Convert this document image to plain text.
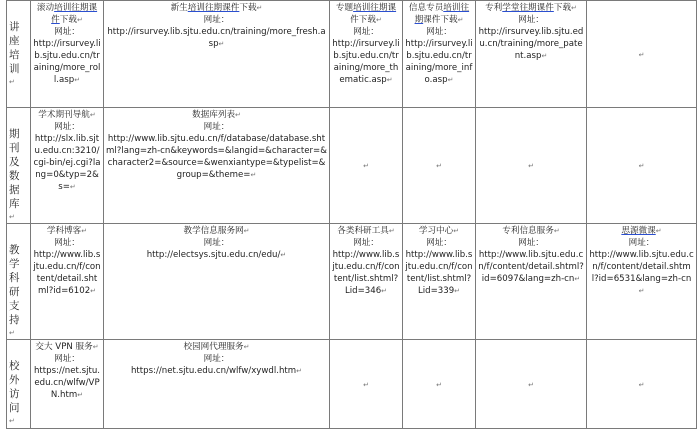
讲座培训
↵	滚动培训往期课件下载↵
网址：
http://irsurvey.lib.sjtu.edu.cn/training/more_roll.asp↵	新生培训往期课件下载↵
网址：
http://irsurvey.lib.sjtu.edu.cn/training/more_fresh.asp↵	专题培训往期课件下载↵
网址：
http://irsurvey.lib.sjtu.edu.cn/training/more_thematic.asp↵	信息专员培训往期课件下载↵
网址：
http://irsurvey.lib.sjtu.edu.cn/training/more_info.asp↵	专利学堂往期课件下载↵
网址：
http://irsurvey.lib.sjtu.edu.cn/training/more_patent.asp↵	↵

期刊及数据库
↵	学术期刊导航↵
网址：
http://slx.lib.sjtu.edu.cn:3210/cgi-bin/ej.cgi?lang=0&typ=2&s=↵	数据库列表↵
网址：
http://www.lib.sjtu.edu.cn/f/database/database.shtml?lang=zh-cn&keywords=&langid=&character=&character2=&source=&wenxiantype=&typelist=&group=&theme=↵	↵	↵	↵	↵

教学科研支持
↵	学科博客↵
网址：
http://www.lib.sjtu.edu.cn/f/content/detail.shtml?id=6102↵	教学信息服务网↵
网址：
http://electsys.sjtu.edu.cn/edu/↵	各类科研工具↵
网址：
http://www.lib.sjtu.edu.cn/f/content/list.shtml?Lid=346↵	学习中心↵
网址：
http://www.lib.sjtu.edu.cn/f/content/list.shtml?Lid=339↵	专利信息服务↵
网址：
http://www.lib.sjtu.edu.cn/f/content/detail.shtml?id=6097&lang=zh-cn↵	思源微课↵
网址：
http://www.lib.sjtu.edu.cn/f/content/detail.shtml?id=6531&lang=zh-cn↵

校外访问
↵	交大 VPN 服务↵
网址：
https://net.sjtu.edu.cn/wlfw/VPN.htm↵	校园网代理服务↵
网址：
https://net.sjtu.edu.cn/wlfw/xywdl.htm↵	↵	↵	↵	↵
